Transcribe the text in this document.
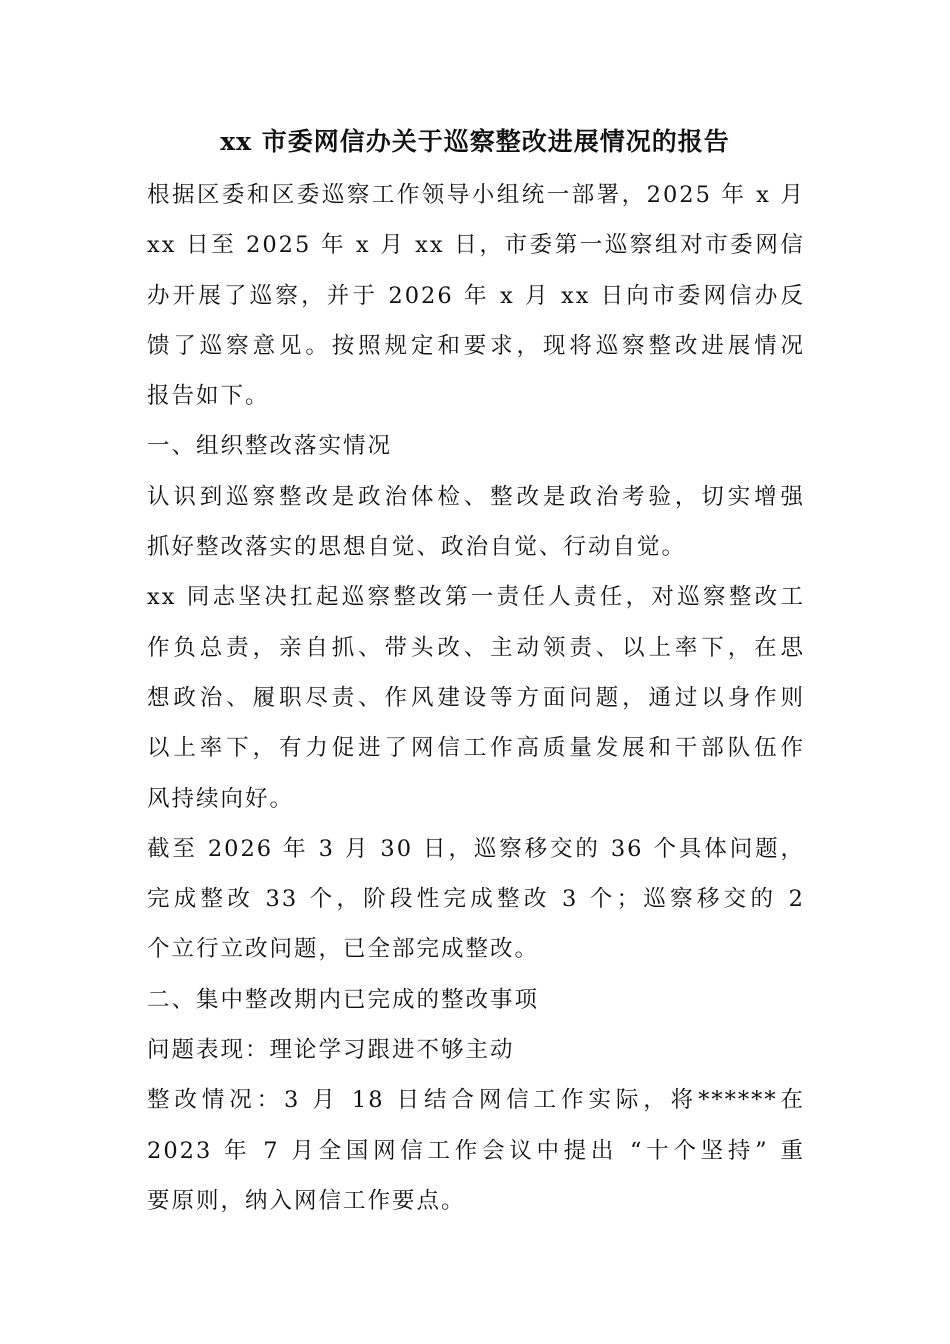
xx 市委网信办关于巡察整改进展情况的报告

根据区委和区委巡察工作领导小组统一部署，2025 年 x 月
xx 日至 2025 年 x 月 xx 日，市委第一巡察组对市委网信
办开展了巡察，并于 2026 年 x 月 xx 日向市委网信办反
馈了巡察意见。按照规定和要求，现将巡察整改进展情况
报告如下。

一、组织整改落实情况

认识到巡察整改是政治体检、整改是政治考验，切实增强
抓好整改落实的思想自觉、政治自觉、行动自觉。

xx 同志坚决扛起巡察整改第一责任人责任，对巡察整改工
作负总责，亲自抓、带头改、主动领责、以上率下，在思
想政治、履职尽责、作风建设等方面问题，通过以身作则
以上率下，有力促进了网信工作高质量发展和干部队伍作
风持续向好。

截至 2026 年 3 月 30 日，巡察移交的 36 个具体问题，
完成整改 33 个，阶段性完成整改 3 个；巡察移交的 2
个立行立改问题，已全部完成整改。

二、集中整改期内已完成的整改事项

问题表现：理论学习跟进不够主动

整改情况：3 月 18 日结合网信工作实际，将******在
2023 年 7 月全国网信工作会议中提出 “十个坚持” 重
要原则，纳入网信工作要点。
